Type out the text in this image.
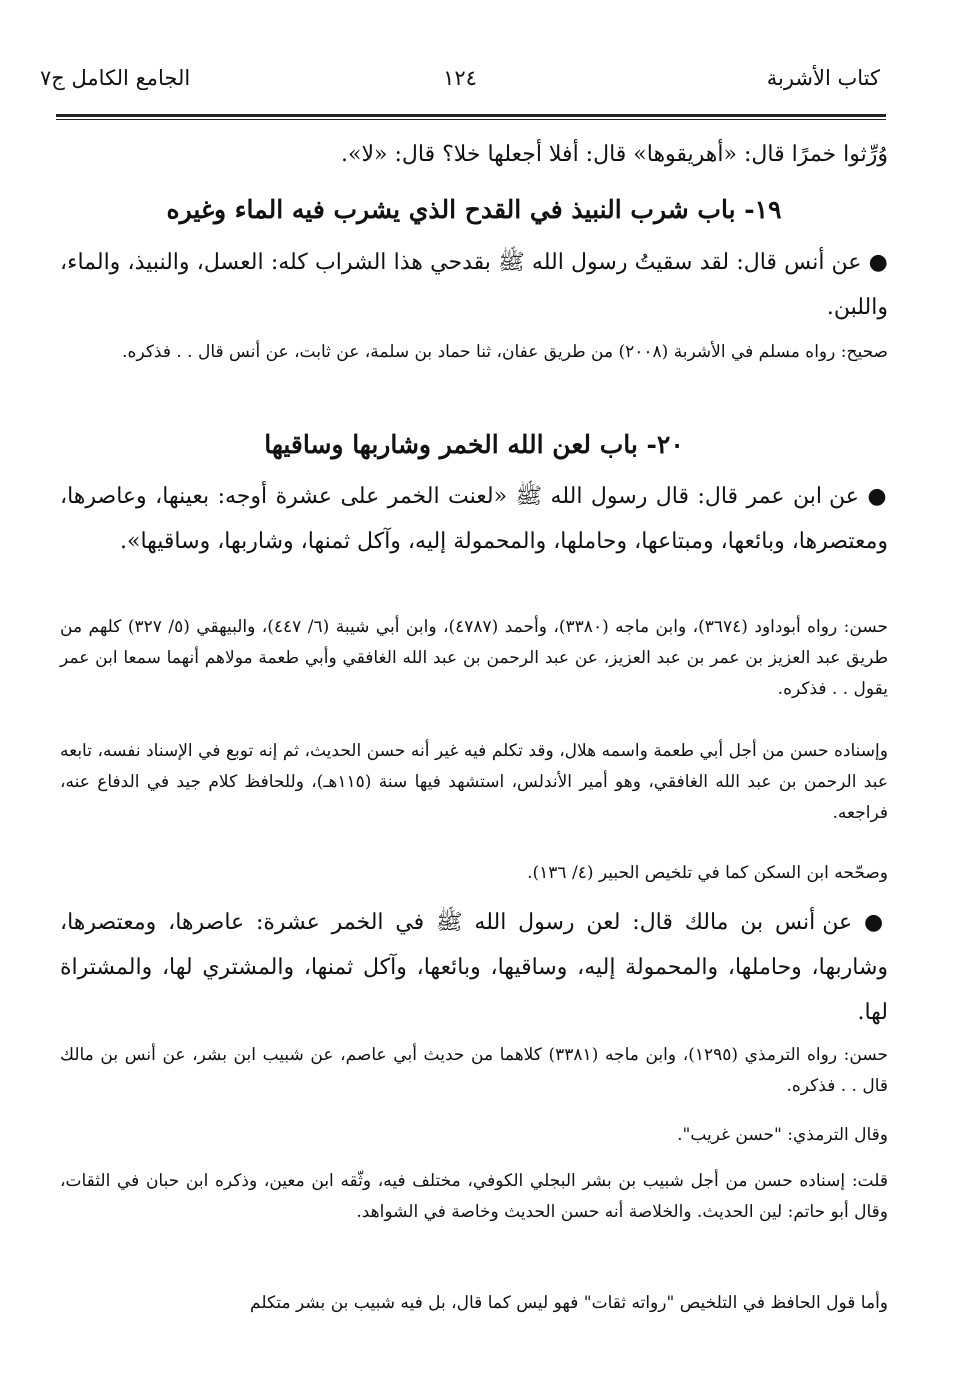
كتاب الأشربة
١٢٤
الجامع الكامل ج٧
وُرِّثوا خمرًا قال: «أهريقوها» قال: أفلا أجعلها خلا؟ قال: «لا».
١٩- باب شرب النبيذ في القدح الذي يشرب فيه الماء وغيره
● عن أنس قال: لقد سقيتُ رسول الله ﷺ بقدحي هذا الشراب كله: العسل، والنبيذ، والماء، واللبن.
صحيح: رواه مسلم في الأشربة (٢٠٠٨) من طريق عفان، ثنا حماد بن سلمة، عن ثابت، عن أنس قال . . فذكره.
٢٠- باب لعن الله الخمر وشاربها وساقيها
● عن ابن عمر قال: قال رسول الله ﷺ «لعنت الخمر على عشرة أوجه: بعينها، وعاصرها، ومعتصرها، وبائعها، ومبتاعها، وحاملها، والمحمولة إليه، وآكل ثمنها، وشاربها، وساقيها».
حسن: رواه أبوداود (٣٦٧٤)، وابن ماجه (٣٣٨٠)، وأحمد (٤٧٨٧)، وابن أبي شيبة (٦/ ٤٤٧)، والبيهقي (٥/ ٣٢٧) كلهم من طريق عبد العزيز بن عمر بن عبد العزيز، عن عبد الرحمن بن عبد الله الغافقي وأبي طعمة مولاهم أنهما سمعا ابن عمر يقول . . فذكره.
وإسناده حسن من أجل أبي طعمة واسمه هلال، وقد تكلم فيه غير أنه حسن الحديث، ثم إنه توبع في الإسناد نفسه، تابعه عبد الرحمن بن عبد الله الغافقي، وهو أمير الأندلس، استشهد فيها سنة (١١٥هـ)، وللحافظ كلام جيد في الدفاع عنه، فراجعه.
وصحّحه ابن السكن كما في تلخيص الحبير (٤/ ١٣٦).
● عن أنس بن مالك قال: لعن رسول الله ﷺ في الخمر عشرة: عاصرها، ومعتصرها، وشاربها، وحاملها، والمحمولة إليه، وساقيها، وبائعها، وآكل ثمنها، والمشتري لها، والمشتراة لها.
حسن: رواه الترمذي (١٢٩٥)، وابن ماجه (٣٣٨١) كلاهما من حديث أبي عاصم، عن شبيب ابن بشر، عن أنس بن مالك قال . . فذكره.
وقال الترمذي: "حسن غريب".
قلت: إسناده حسن من أجل شبيب بن بشر البجلي الكوفي، مختلف فيه، وثّقه ابن معين، وذكره ابن حبان في الثقات، وقال أبو حاتم: لين الحديث. والخلاصة أنه حسن الحديث وخاصة في الشواهد.
وأما قول الحافظ في التلخيص "رواته ثقات" فهو ليس كما قال، بل فيه شبيب بن بشر متكلم
